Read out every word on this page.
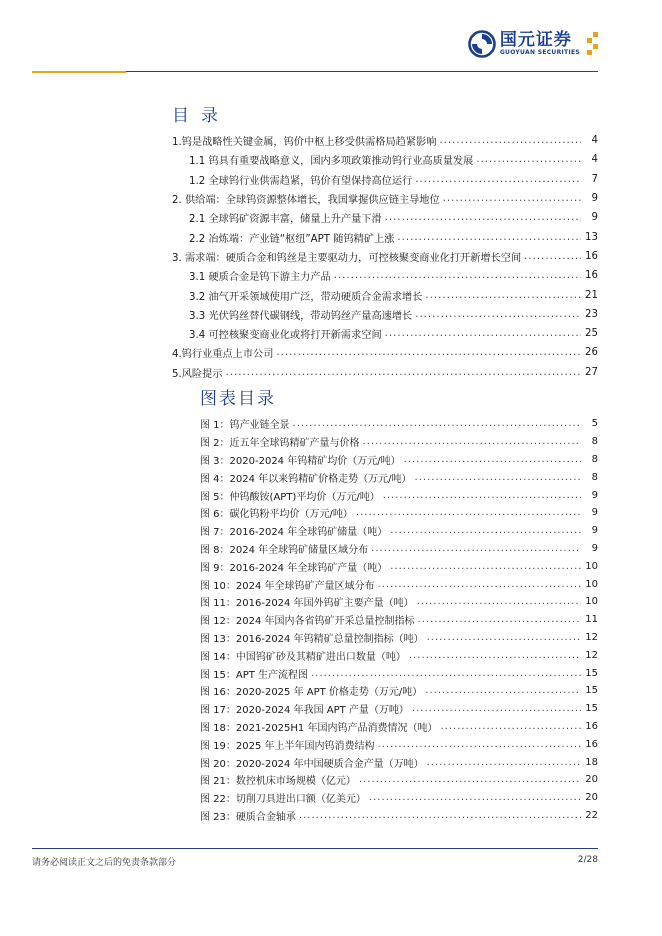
国元证券
GUOYUAN SECURITIES
目录
1.钨是战略性关键金属，钨价中枢上移受供需格局趋紧影响 .....	4
1.1 钨具有重要战略意义，国内多项政策推动钨行业高质量发展 .....	4
1.2 全球钨行业供需趋紧，钨价有望保持高位运行 .....	7
2. 供给端：全球钨资源整体增长，我国掌握供应链主导地位 .....	9
2.1 全球钨矿资源丰富，储量上升产量下滑 .....	9
2.2 冶炼端：产业链“枢纽”APT 随钨精矿上涨 .....	13
3. 需求端：硬质合金和钨丝是主要驱动力，可控核聚变商业化打开新增长空间 .....	16
3.1 硬质合金是钨下游主力产品 .....	16
3.2 油气开采领域使用广泛，带动硬质合金需求增长 .....	21
3.3 光伏钨丝替代碳钢线，带动钨丝产量高速增长 .....	23
3.4 可控核聚变商业化或将打开新需求空间 .....	25
4.钨行业重点上市公司 .....	26
5.风险提示 .....	27
图表目录
图 1：钨产业链全景 .....	5
图 2：近五年全球钨精矿产量与价格 .....	8
图 3：2020-2024 年钨精矿均价（万元/吨） .....	8
图 4：2024 年以来钨精矿价格走势（万元/吨） .....	8
图 5：仲钨酸铵(APT)平均价（万元/吨） .....	9
图 6：碳化钨粉平均价（万元/吨） .....	9
图 7：2016-2024 年全球钨矿储量（吨） .....	9
图 8：2024 年全球钨矿储量区域分布 .....	9
图 9：2016-2024 年全球钨矿产量（吨） .....	10
图 10：2024 年全球钨矿产量区域分布 .....	10
图 11：2016-2024 年国外钨矿主要产量（吨） .....	10
图 12：2024 年国内各省钨矿开采总量控制指标 .....	11
图 13：2016-2024 年钨精矿总量控制指标（吨） .....	12
图 14：中国钨矿砂及其精矿进出口数量（吨） .....	12
图 15：APT 生产流程图 .....	15
图 16：2020-2025 年 APT 价格走势（万元/吨） .....	15
图 17：2020-2024 年我国 APT 产量（万吨） .....	15
图 18：2021-2025H1 年国内钨产品消费情况（吨） .....	16
图 19：2025 年上半年国内钨消费结构 .....	16
图 20：2020-2024 年中国硬质合金产量（万吨） .....	18
图 21：数控机床市场规模（亿元） .....	20
图 22：切削刀具进出口额（亿美元） .....	20
图 23：硬质合金轴承 .....	22
请务必阅读正文之后的免责条款部分	2/28
